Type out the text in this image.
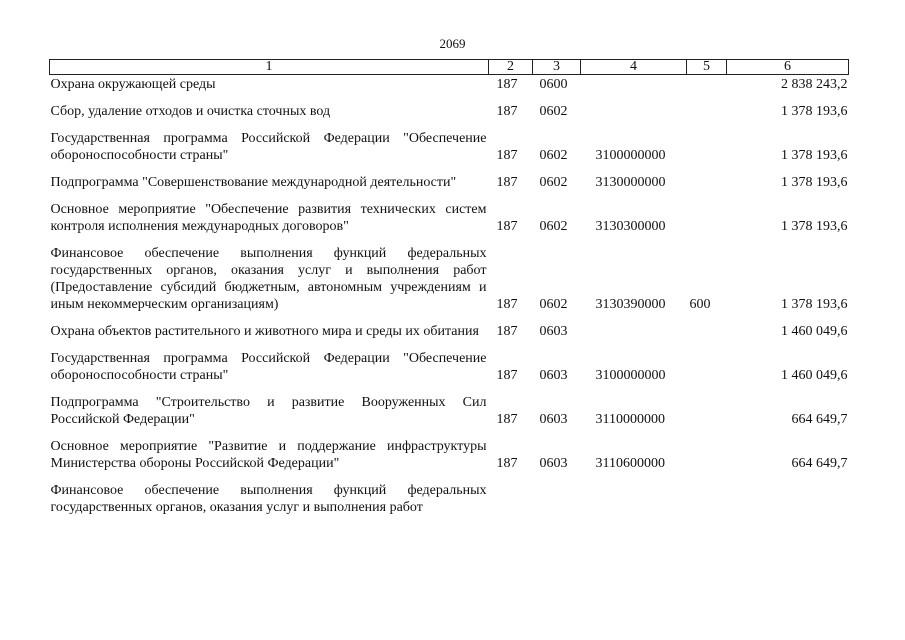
2069
1	2	3	4	5	6
Охрана окружающей среды	187	0600			2 838 243,2
Сбор, удаление отходов и очистка сточных вод	187	0602			1 378 193,6
Государственная программа Российской Федерации "Обеспечение обороноспособности страны"	187	0602	3100000000		1 378 193,6
Подпрограмма "Совершенствование международной деятельности"	187	0602	3130000000		1 378 193,6
Основное мероприятие "Обеспечение развития технических систем контроля исполнения международных договоров"	187	0602	3130300000		1 378 193,6
Финансовое обеспечение выполнения функций федеральных государственных органов, оказания услуг и выполнения работ (Предоставление субсидий бюджетным, автономным учреждениям и иным некоммерческим организациям)	187	0602	3130390000	600	1 378 193,6
Охрана объектов растительного и животного мира и среды их обитания	187	0603			1 460 049,6
Государственная программа Российской Федерации "Обеспечение обороноспособности страны"	187	0603	3100000000		1 460 049,6
Подпрограмма "Строительство и развитие Вооруженных Сил Российской Федерации"	187	0603	3110000000		664 649,7
Основное мероприятие "Развитие и поддержание инфраструктуры Министерства обороны Российской Федерации"	187	0603	3110600000		664 649,7
Финансовое обеспечение выполнения функций федеральных государственных органов, оказания услуг и выполнения работ					
